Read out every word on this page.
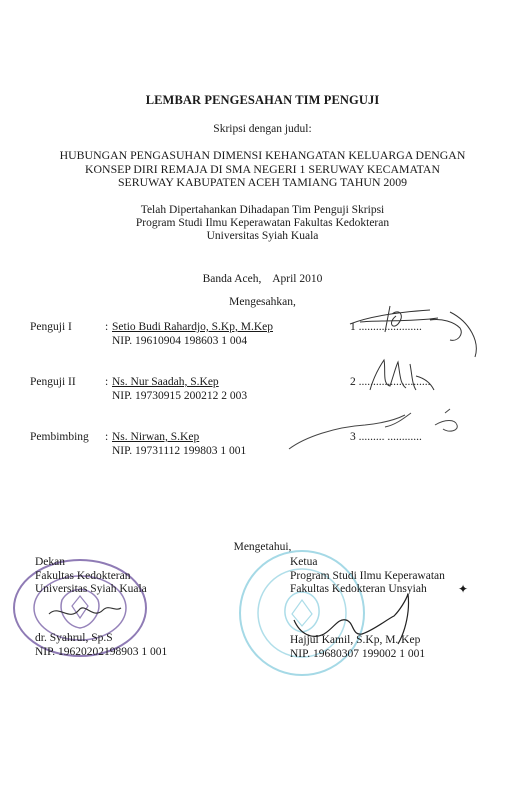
LEMBAR PENGESAHAN TIM PENGUJI
Skripsi dengan judul:
HUBUNGAN PENGASUHAN DIMENSI KEHANGATAN KELUARGA DENGAN
KONSEP DIRI REMAJA DI SMA NEGERI 1 SERUWAY KECAMATAN
SERUWAY KABUPATEN ACEH TAMIANG TAHUN 2009
Telah Dipertahankan Dihadapan Tim Penguji Skripsi
Program Studi Ilmu Keperawatan Fakultas Kedokteran
Universitas Syiah Kuala
Banda Aceh,    April 2010
Mengesahkan,
Penguji I	: Setio Budi Rahardjo, S.Kp, M.Kep
NIP. 19610904 198603 1 004
1 ......................
Penguji II	: Ns. Nur Saadah, S.Kep
NIP. 19730915 200212 2 003
2 .........................
Pembimbing	: Ns. Nirwan, S.Kep
NIP. 19731112 199803 1 001
3 ......... ............
Mengetahui,
Dekan
Fakultas Kedokteran
Universitas Syiah Kuala
dr. Syahrul, Sp.S
NIP. 19620202198903 1 001
Ketua
Program Studi Ilmu Keperawatan
Fakultas Kedokteran Unsyiah	✦
Hajjul Kamil, S.Kp, M. Kep
NIP. 19680307 199002 1 001
